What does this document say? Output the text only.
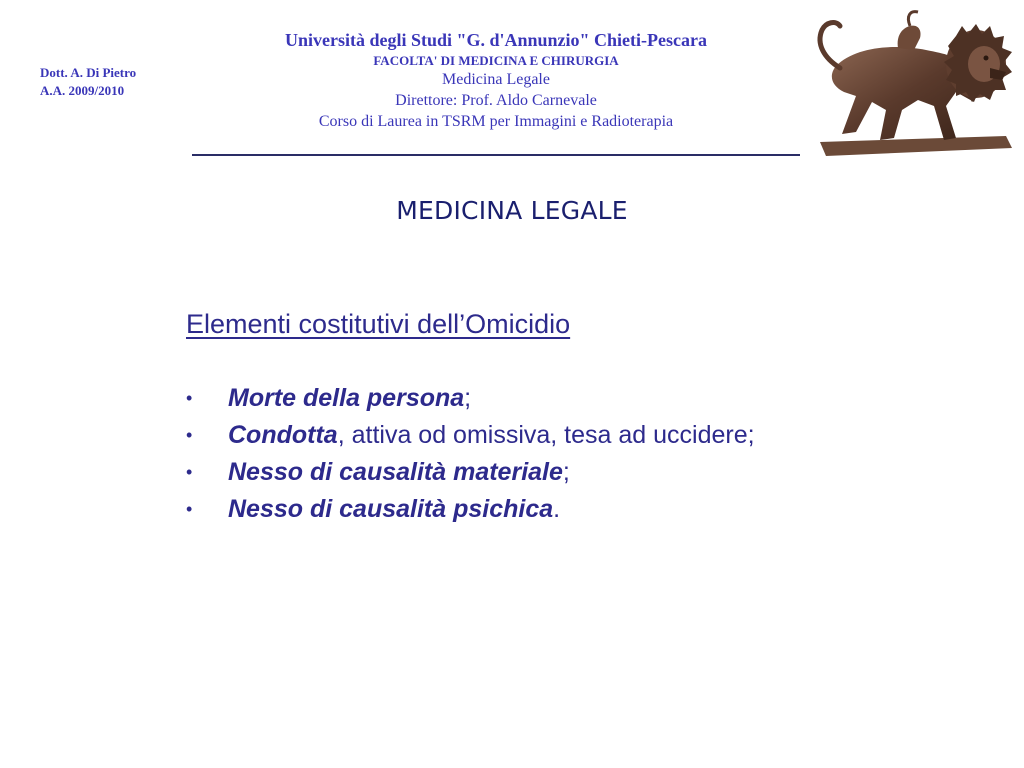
Dott. A. Di Pietro
A.A. 2009/2010
Università degli Studi "G. d'Annunzio" Chieti-Pescara
FACOLTA' DI MEDICINA E CHIRURGIA
Medicina Legale
Direttore: Prof. Aldo Carnevale
Corso di Laurea in TSRM per Immagini e Radioterapia
MEDICINA LEGALE
Elementi costitutivi dell’Omicidio
• Morte della persona;
• Condotta, attiva od omissiva, tesa ad uccidere;
• Nesso di causalità materiale;
• Nesso di causalità psichica.
